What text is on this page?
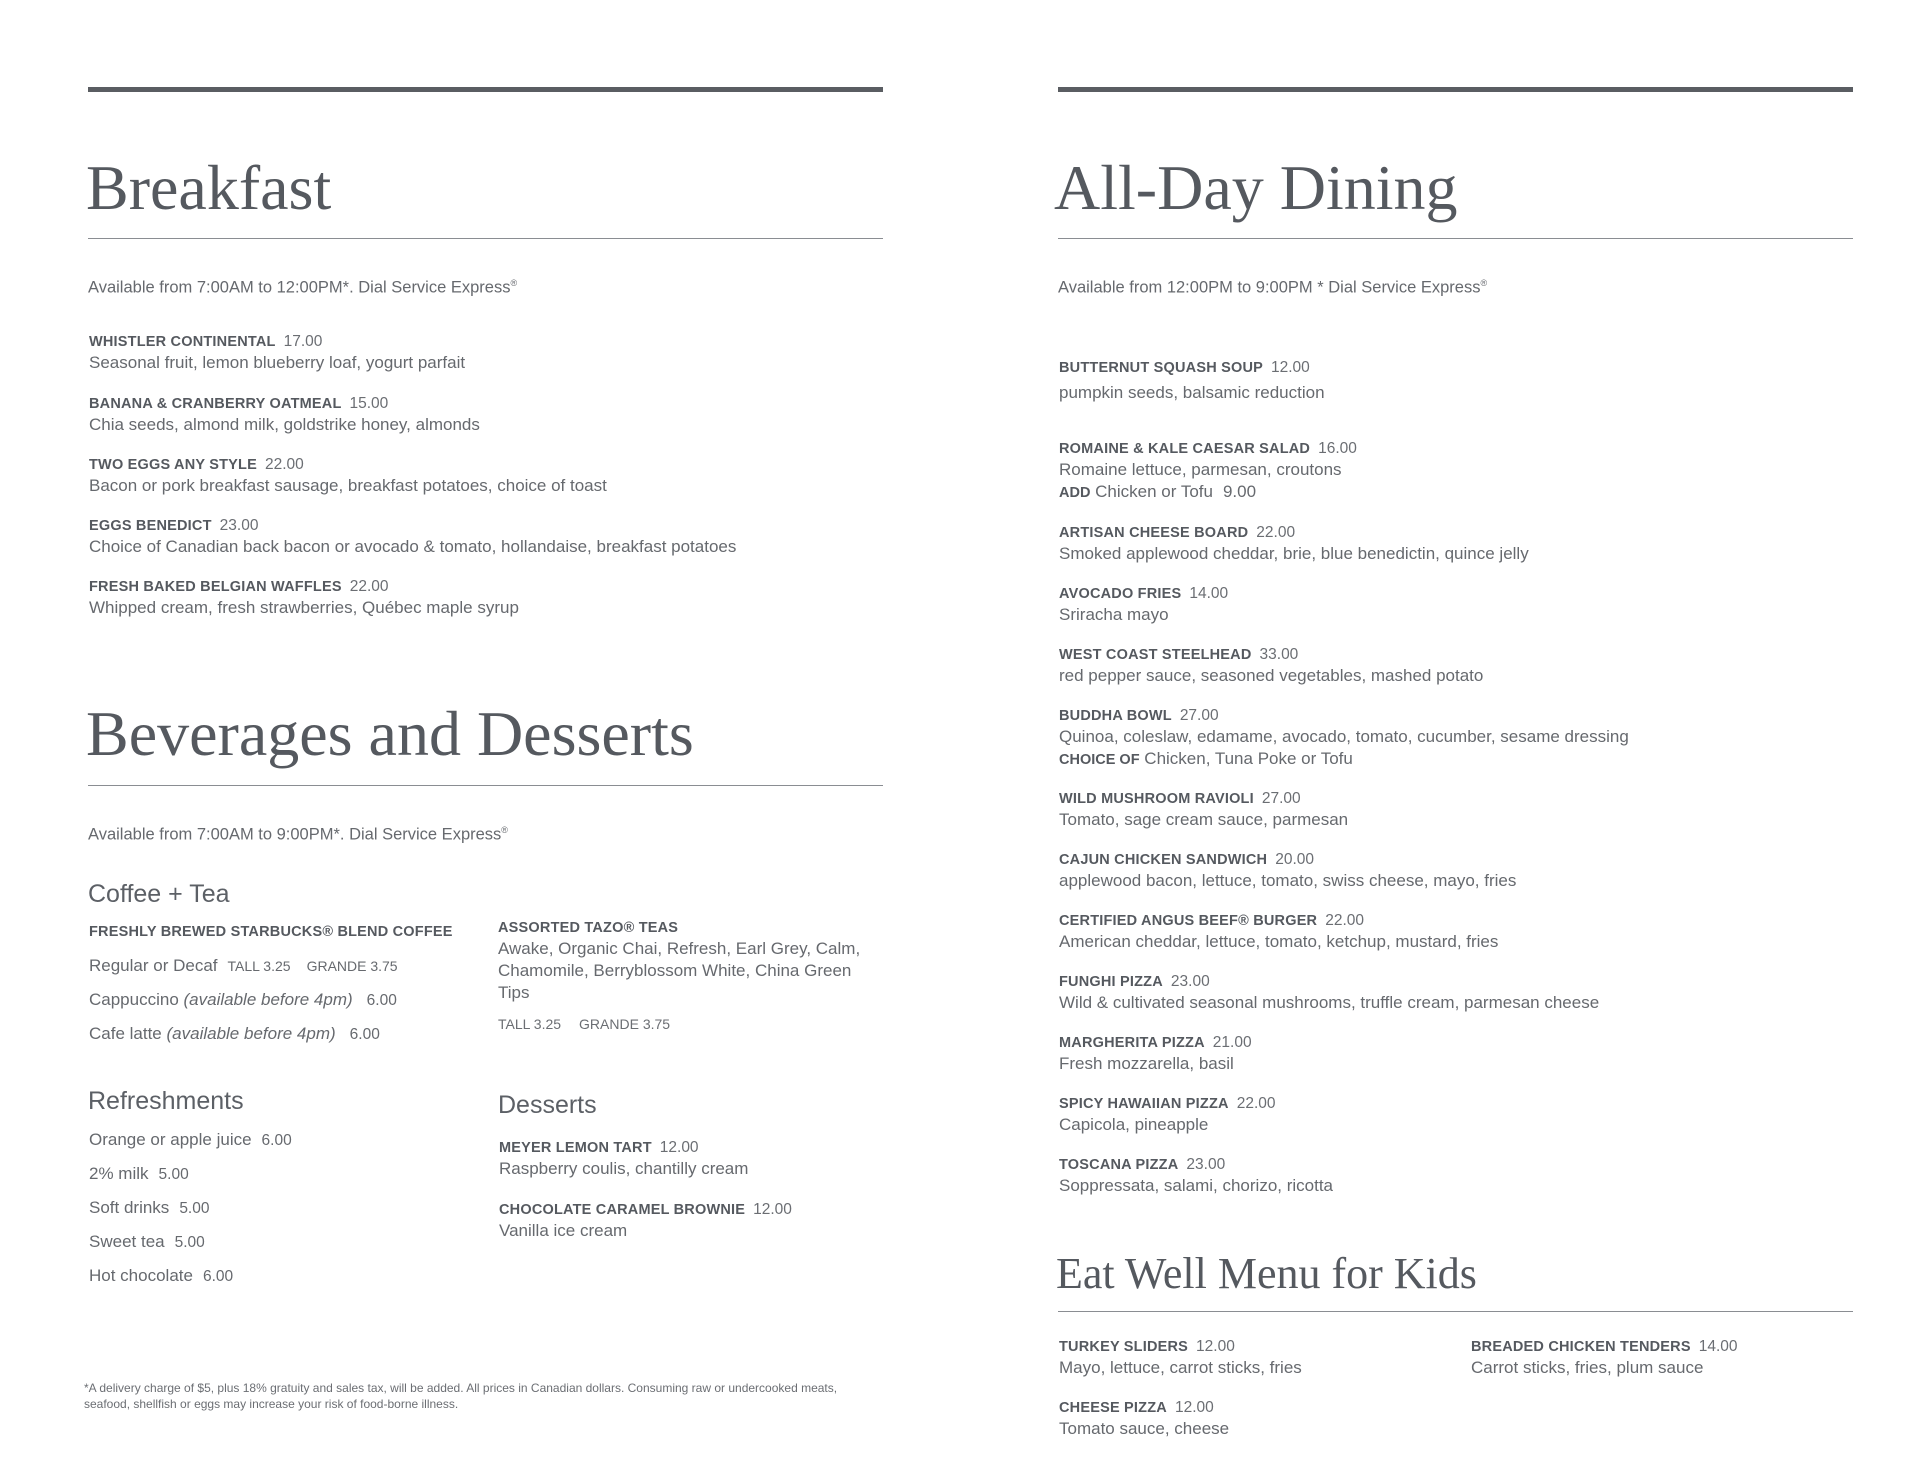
Breakfast
Available from 7:00AM to 12:00PM*. Dial Service Express®
WHISTLER CONTINENTAL 17.00
Seasonal fruit, lemon blueberry loaf, yogurt parfait
BANANA & CRANBERRY OATMEAL 15.00
Chia seeds, almond milk, goldstrike honey, almonds
TWO EGGS ANY STYLE 22.00
Bacon or pork breakfast sausage, breakfast potatoes, choice of toast
EGGS BENEDICT 23.00
Choice of Canadian back bacon or avocado & tomato, hollandaise, breakfast potatoes
FRESH BAKED BELGIAN WAFFLES 22.00
Whipped cream, fresh strawberries, Québec maple syrup
Beverages and Desserts
Available from 7:00AM to 9:00PM*. Dial Service Express®
Coffee + Tea
FRESHLY BREWED STARBUCKS® BLEND COFFEE
Regular or Decaf TALL 3.25 GRANDE 3.75
Cappuccino (available before 4pm) 6.00
Cafe latte (available before 4pm) 6.00
ASSORTED TAZO® TEAS
Awake, Organic Chai, Refresh, Earl Grey, Calm, Chamomile, Berryblossom White, China Green Tips
TALL 3.25 GRANDE 3.75
Refreshments
Orange or apple juice 6.00
2% milk 5.00
Soft drinks 5.00
Sweet tea 5.00
Hot chocolate 6.00
Desserts
MEYER LEMON TART 12.00
Raspberry coulis, chantilly cream
CHOCOLATE CARAMEL BROWNIE 12.00
Vanilla ice cream
*A delivery charge of $5, plus 18% gratuity and sales tax, will be added. All prices in Canadian dollars. Consuming raw or undercooked meats, seafood, shellfish or eggs may increase your risk of food-borne illness.
All-Day Dining
Available from 12:00PM to 9:00PM * Dial Service Express®
BUTTERNUT SQUASH SOUP 12.00
pumpkin seeds, balsamic reduction
ROMAINE & KALE CAESAR SALAD 16.00
Romaine lettuce, parmesan, croutons
ADD Chicken or Tofu 9.00
ARTISAN CHEESE BOARD 22.00
Smoked applewood cheddar, brie, blue benedictin, quince jelly
AVOCADO FRIES 14.00
Sriracha mayo
WEST COAST STEELHEAD 33.00
red pepper sauce, seasoned vegetables, mashed potato
BUDDHA BOWL 27.00
Quinoa, coleslaw, edamame, avocado, tomato, cucumber, sesame dressing
CHOICE OF Chicken, Tuna Poke or Tofu
WILD MUSHROOM RAVIOLI 27.00
Tomato, sage cream sauce, parmesan
CAJUN CHICKEN SANDWICH 20.00
applewood bacon, lettuce, tomato, swiss cheese, mayo, fries
CERTIFIED ANGUS BEEF® BURGER 22.00
American cheddar, lettuce, tomato, ketchup, mustard, fries
FUNGHI PIZZA 23.00
Wild & cultivated seasonal mushrooms, truffle cream, parmesan cheese
MARGHERITA PIZZA 21.00
Fresh mozzarella, basil
SPICY HAWAIIAN PIZZA 22.00
Capicola, pineapple
TOSCANA PIZZA 23.00
Soppressata, salami, chorizo, ricotta
Eat Well Menu for Kids
TURKEY SLIDERS 12.00
Mayo, lettuce, carrot sticks, fries
CHEESE PIZZA 12.00
Tomato sauce, cheese
BREADED CHICKEN TENDERS 14.00
Carrot sticks, fries, plum sauce
